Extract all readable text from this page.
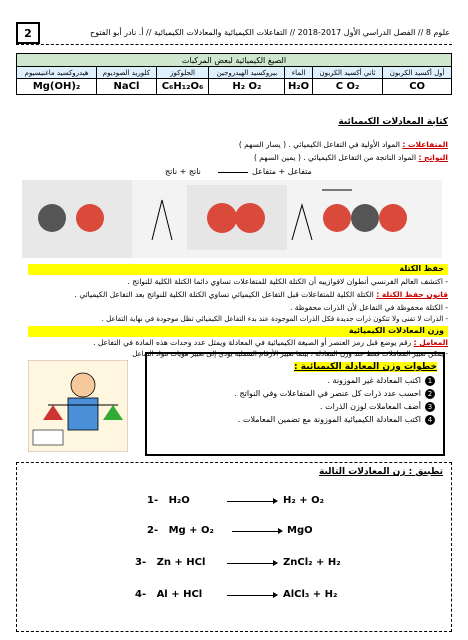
2	علوم 8 // الفصل الدراسي الأول 2017-2018 // التفاعلات الكيميائية والمعادلات الكيميائية // أ. نادر أبو الفتوح
الصيغ الكيميائية لبعض المركبات						
أول أكسيد الكربون	ثاني أكسيد الكربون	الماء	بيروكسيد الهيدروجين	الجلوكوز	كلوريد الصوديوم	هيدروكسيد ماغنيسيوم
CO	C O₂	H₂O	H₂ O₂	C₆H₁₂O₆	NaCl	Mg(OH)₂
كتابة المعادلات الكيميائية
المتفاعلات : المواد الأولية في التفاعل الكيميائي . ( يسار السهم )
النواتج : المواد الناتجة من التفاعل الكيميائي . ( يمين السهم )
ناتج + ناتج	متفاعل + متفاعل
حفظ الكتلة
- اكتشف العالم الفرنسي أنطوان لافوازييه أن الكتلة الكلية للمتفاعلات تساوي دائما الكتلة الكلية للنواتج .
قانون حفظ الكتلة : الكتلة الكلية للمتفاعلات قبل التفاعل الكيميائي تساوي الكتلة الكلية للنواتج بعد التفاعل الكيميائي .
- الكتلة محفوظة في التفاعل لأن الذرات محفوظة .
- الذرات لا تفنى ولا تتكون ذرات جديدة فكل الذرات الموجودة عند بدء التفاعل الكيميائي تظل موجودة في نهاية التفاعل .
وزن المعادلات الكيميائية
المعامل : رقم يوضع قبل رمز العنصر أو الصيغة الكيميائية في المعادلة ويمثل عدد وحدات هذه المادة في التفاعل .
- يمكن تغيير المعاملات فقط عند وزن المعادلة ، بينما تغيير الأرقام السفلية يؤدي إلى تغيير هويات مواد التفاعل
خطوات وزن المعادلة الكيميائية :
1اكتب المعادلة غير الموزونة .
2احسب عدد ذرات كل عنصر في المتفاعلات وفي النواتج .
3أضف المعاملات لوزن الذرات .
4اكتب المعادلة الكيميائية الموزونة مع تضمين المعاملات .
تطبيق : زن المعادلات التالية
1- H₂O	H₂ + O₂
2- Mg + O₂	MgO
3- Zn + HCl	ZnCl₂ + H₂
4- Al + HCl	AlCl₃ + H₂
